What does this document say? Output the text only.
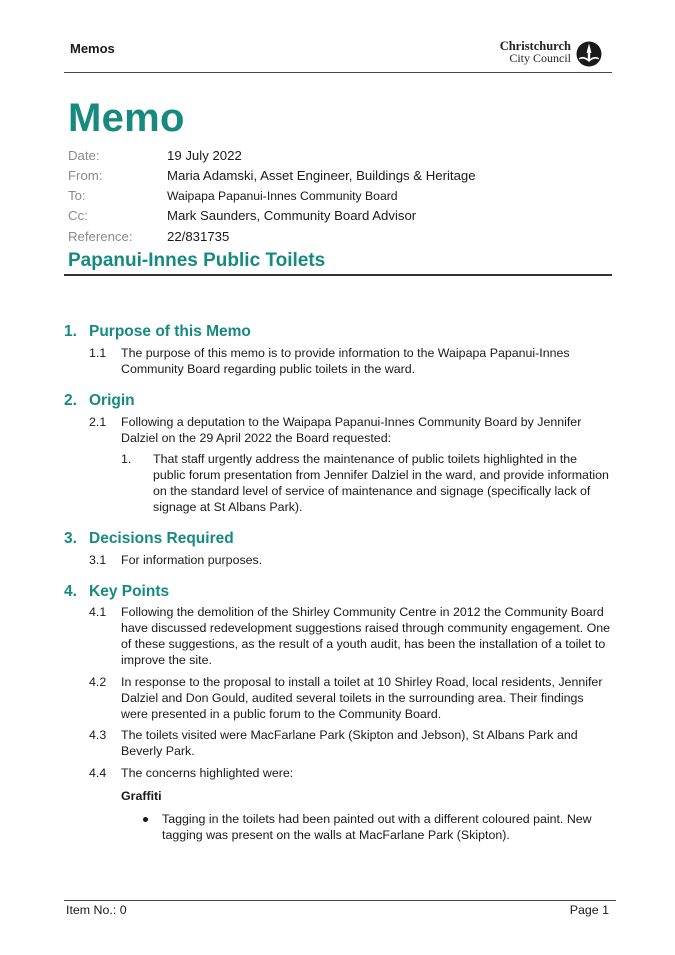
Memos	Christchurch
City Council
Memo
Date:	19 July 2022
From:	Maria Adamski, Asset Engineer, Buildings & Heritage
To:	Waipapa Papanui-Innes Community Board
Cc:	Mark Saunders, Community Board Advisor
Reference:	22/831735
Papanui-Innes Public Toilets
1. Purpose of this Memo
1.1 The purpose of this memo is to provide information to the Waipapa Papanui-Innes Community Board regarding public toilets in the ward.
2. Origin
2.1 Following a deputation to the Waipapa Papanui-Innes Community Board by Jennifer Dalziel on the 29 April 2022 the Board requested:
1. That staff urgently address the maintenance of public toilets highlighted in the public forum presentation from Jennifer Dalziel in the ward, and provide information on the standard level of service of maintenance and signage (specifically lack of signage at St Albans Park).
3. Decisions Required
3.1 For information purposes.
4. Key Points
4.1 Following the demolition of the Shirley Community Centre in 2012 the Community Board have discussed redevelopment suggestions raised through community engagement. One of these suggestions, as the result of a youth audit, has been the installation of a toilet to improve the site.
4.2 In response to the proposal to install a toilet at 10 Shirley Road, local residents, Jennifer Dalziel and Don Gould, audited several toilets in the surrounding area. Their findings were presented in a public forum to the Community Board.
4.3 The toilets visited were MacFarlane Park (Skipton and Jebson), St Albans Park and Beverly Park.
4.4 The concerns highlighted were:
Graffiti
Tagging in the toilets had been painted out with a different coloured paint. New tagging was present on the walls at MacFarlane Park (Skipton).
Item No.: 0	Page 1
